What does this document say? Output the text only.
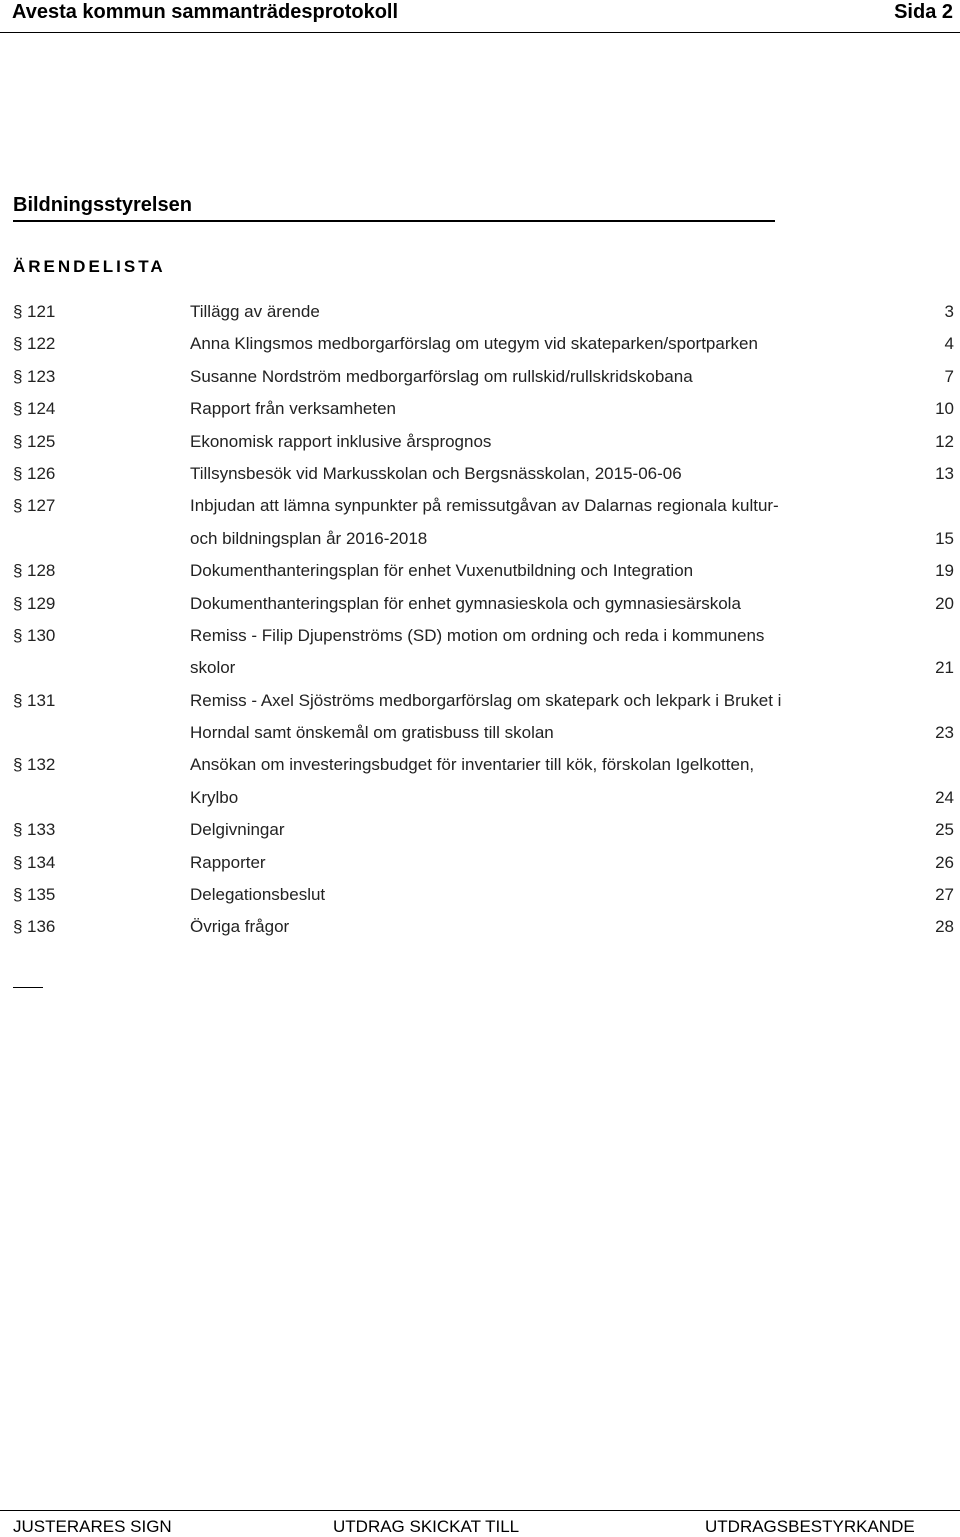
Avesta kommun sammanträdesprotokoll	Sida 2
Bildningsstyrelsen
ÄRENDELISTA
§ 121	Tillägg av ärende	3
§ 122	Anna Klingsmos medborgarförslag om utegym vid skateparken/sportparken	4
§ 123	Susanne Nordström medborgarförslag om rullskid/rullskridskobana	7
§ 124	Rapport från verksamheten	10
§ 125	Ekonomisk rapport inklusive årsprognos	12
§ 126	Tillsynsbesök vid Markusskolan och Bergsnässkolan, 2015-06-06	13
§ 127	Inbjudan att lämna synpunkter på remissutgåvan av Dalarnas regionala kultur-
och bildningsplan år 2016-2018	15
§ 128	Dokumenthanteringsplan för enhet Vuxenutbildning och Integration	19
§ 129	Dokumenthanteringsplan för enhet gymnasieskola och gymnasiesärskola	20
§ 130	Remiss - Filip Djupenströms (SD) motion om ordning och reda i kommunens
skolor	21
§ 131	Remiss - Axel Sjöströms medborgarförslag om skatepark och lekpark i Bruket i
Horndal samt önskemål om gratisbuss till skolan	23
§ 132	Ansökan om investeringsbudget för inventarier till kök, förskolan Igelkotten,
Krylbo	24
§ 133	Delgivningar	25
§ 134	Rapporter	26
§ 135	Delegationsbeslut	27
§ 136	Övriga frågor	28
JUSTERARES SIGN	UTDRAG SKICKAT TILL	UTDRAGSBESTYRKANDE
